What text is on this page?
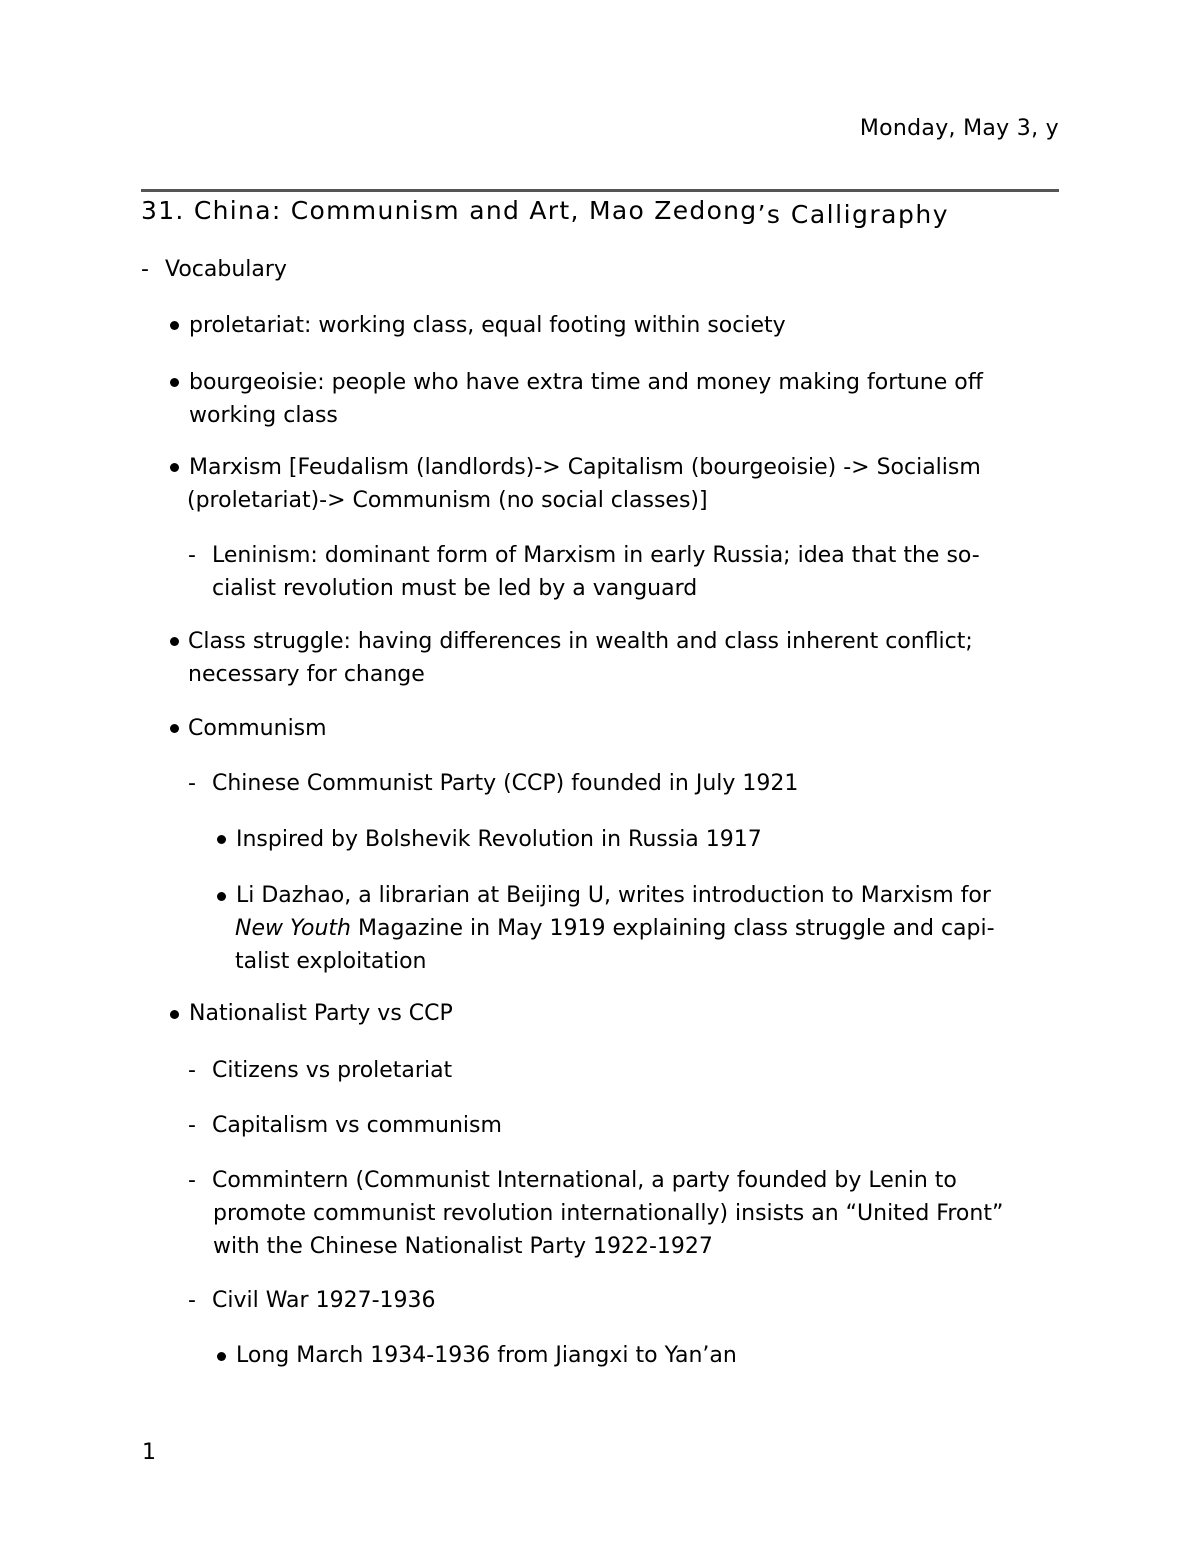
Monday, May 3, y
31. China: Communism and Art, Mao Zedong’s Calligraphy
- Vocabulary
proletariat: working class, equal footing within society
bourgeoisie: people who have extra time and money making fortune off
working class
Marxism [Feudalism (landlords)-> Capitalism (bourgeoisie) -> Socialism
(proletariat)-> Communism (no social classes)]
- Leninism: dominant form of Marxism in early Russia; idea that the so-
cialist revolution must be led by a vanguard
Class struggle: having differences in wealth and class inherent conflict;
necessary for change
Communism
- Chinese Communist Party (CCP) founded in July 1921
Inspired by Bolshevik Revolution in Russia 1917
Li Dazhao, a librarian at Beijing U, writes introduction to Marxism for
New Youth Magazine in May 1919 explaining class struggle and capi-
talist exploitation
Nationalist Party vs CCP
- Citizens vs proletariat
- Capitalism vs communism
- Commintern (Communist International, a party founded by Lenin to
promote communist revolution internationally) insists an “United Front”
with the Chinese Nationalist Party 1922-1927
- Civil War 1927-1936
Long March 1934-1936 from Jiangxi to Yan’an
1
